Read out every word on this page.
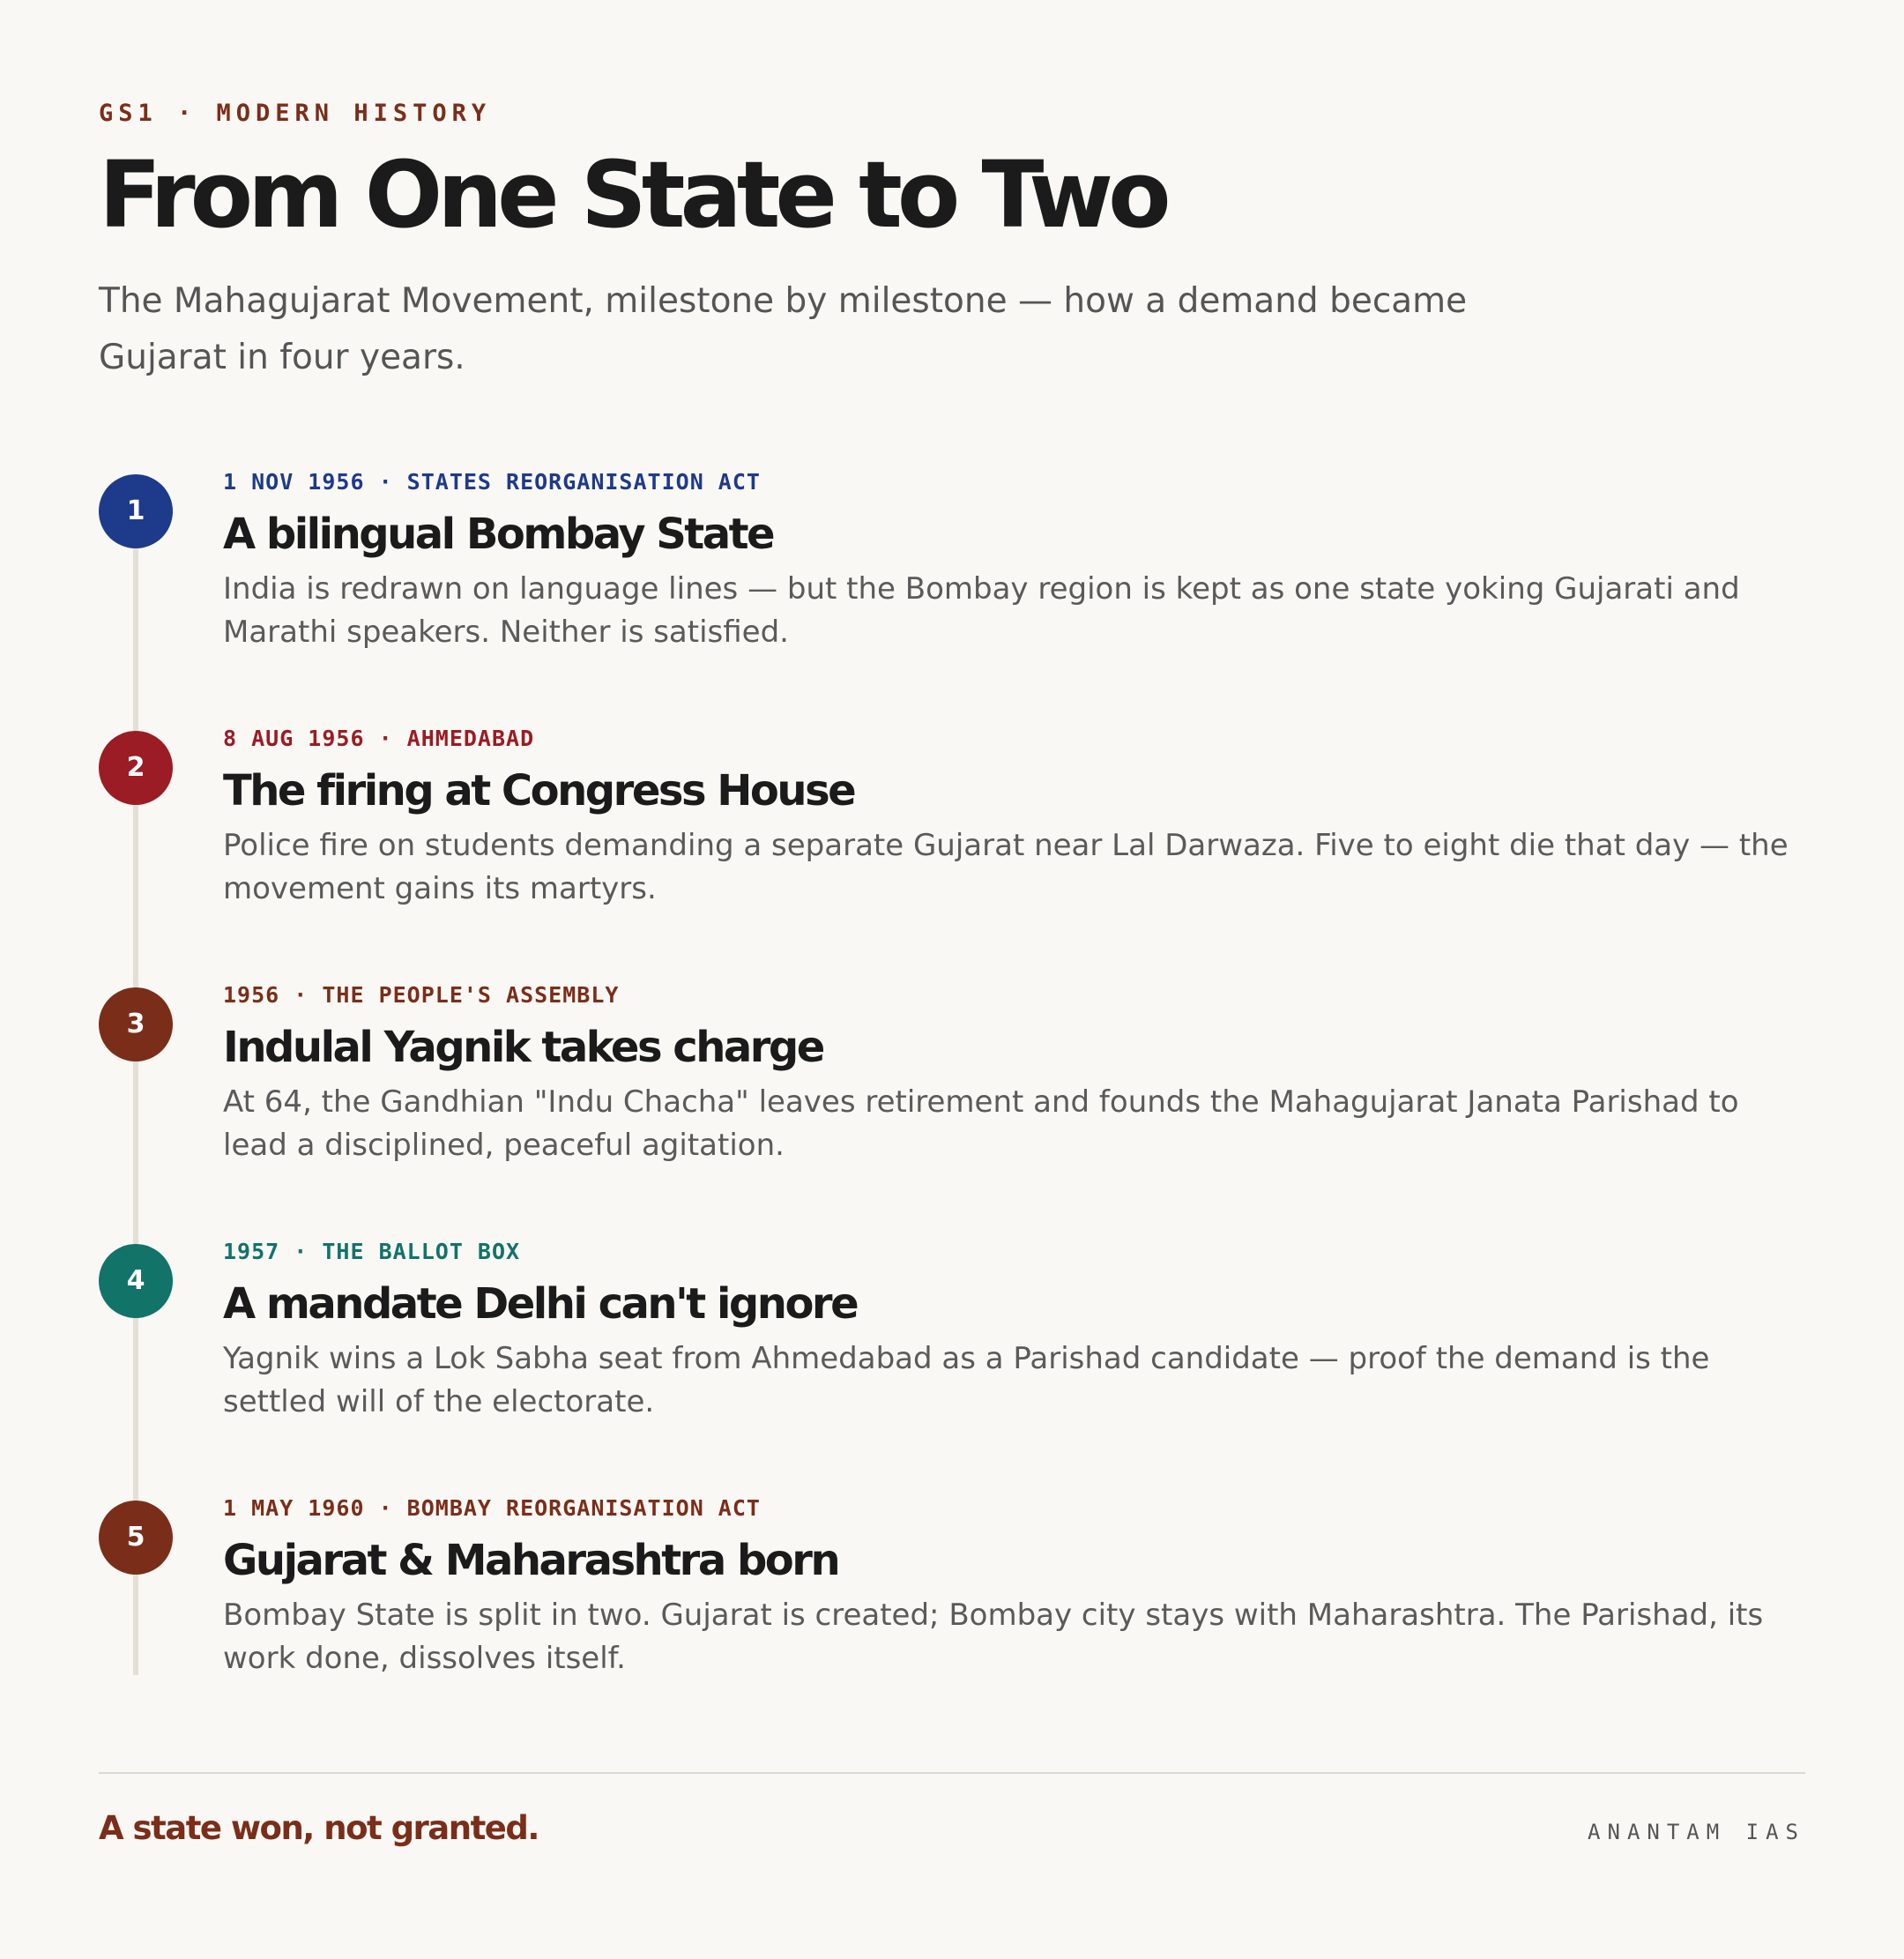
GS1 · MODERN HISTORY
From One State to Two

The Mahagujarat Movement, milestone by milestone — how a demand became Gujarat in four years.

1
1 NOV 1956 · STATES REORGANISATION ACT
A bilingual Bombay State

India is redrawn on language lines — but the Bombay region is kept as one state yoking Gujarati and Marathi speakers. Neither is satisfied.

2
8 AUG 1956 · AHMEDABAD
The firing at Congress House

Police fire on students demanding a separate Gujarat near Lal Darwaza. Five to eight die that day — the movement gains its martyrs.

3
1956 · THE PEOPLE'S ASSEMBLY
Indulal Yagnik takes charge

At 64, the Gandhian "Indu Chacha" leaves retirement and founds the Mahagujarat Janata Parishad to lead a disciplined, peaceful agitation.

4
1957 · THE BALLOT BOX
A mandate Delhi can't ignore

Yagnik wins a Lok Sabha seat from Ahmedabad as a Parishad candidate — proof the demand is the settled will of the electorate.

5
1 MAY 1960 · BOMBAY REORGANISATION ACT
Gujarat & Maharashtra born

Bombay State is split in two. Gujarat is created; Bombay city stays with Maharashtra. The Parishad, its work done, dissolves itself.

A state won, not granted.	ANANTAM IAS
